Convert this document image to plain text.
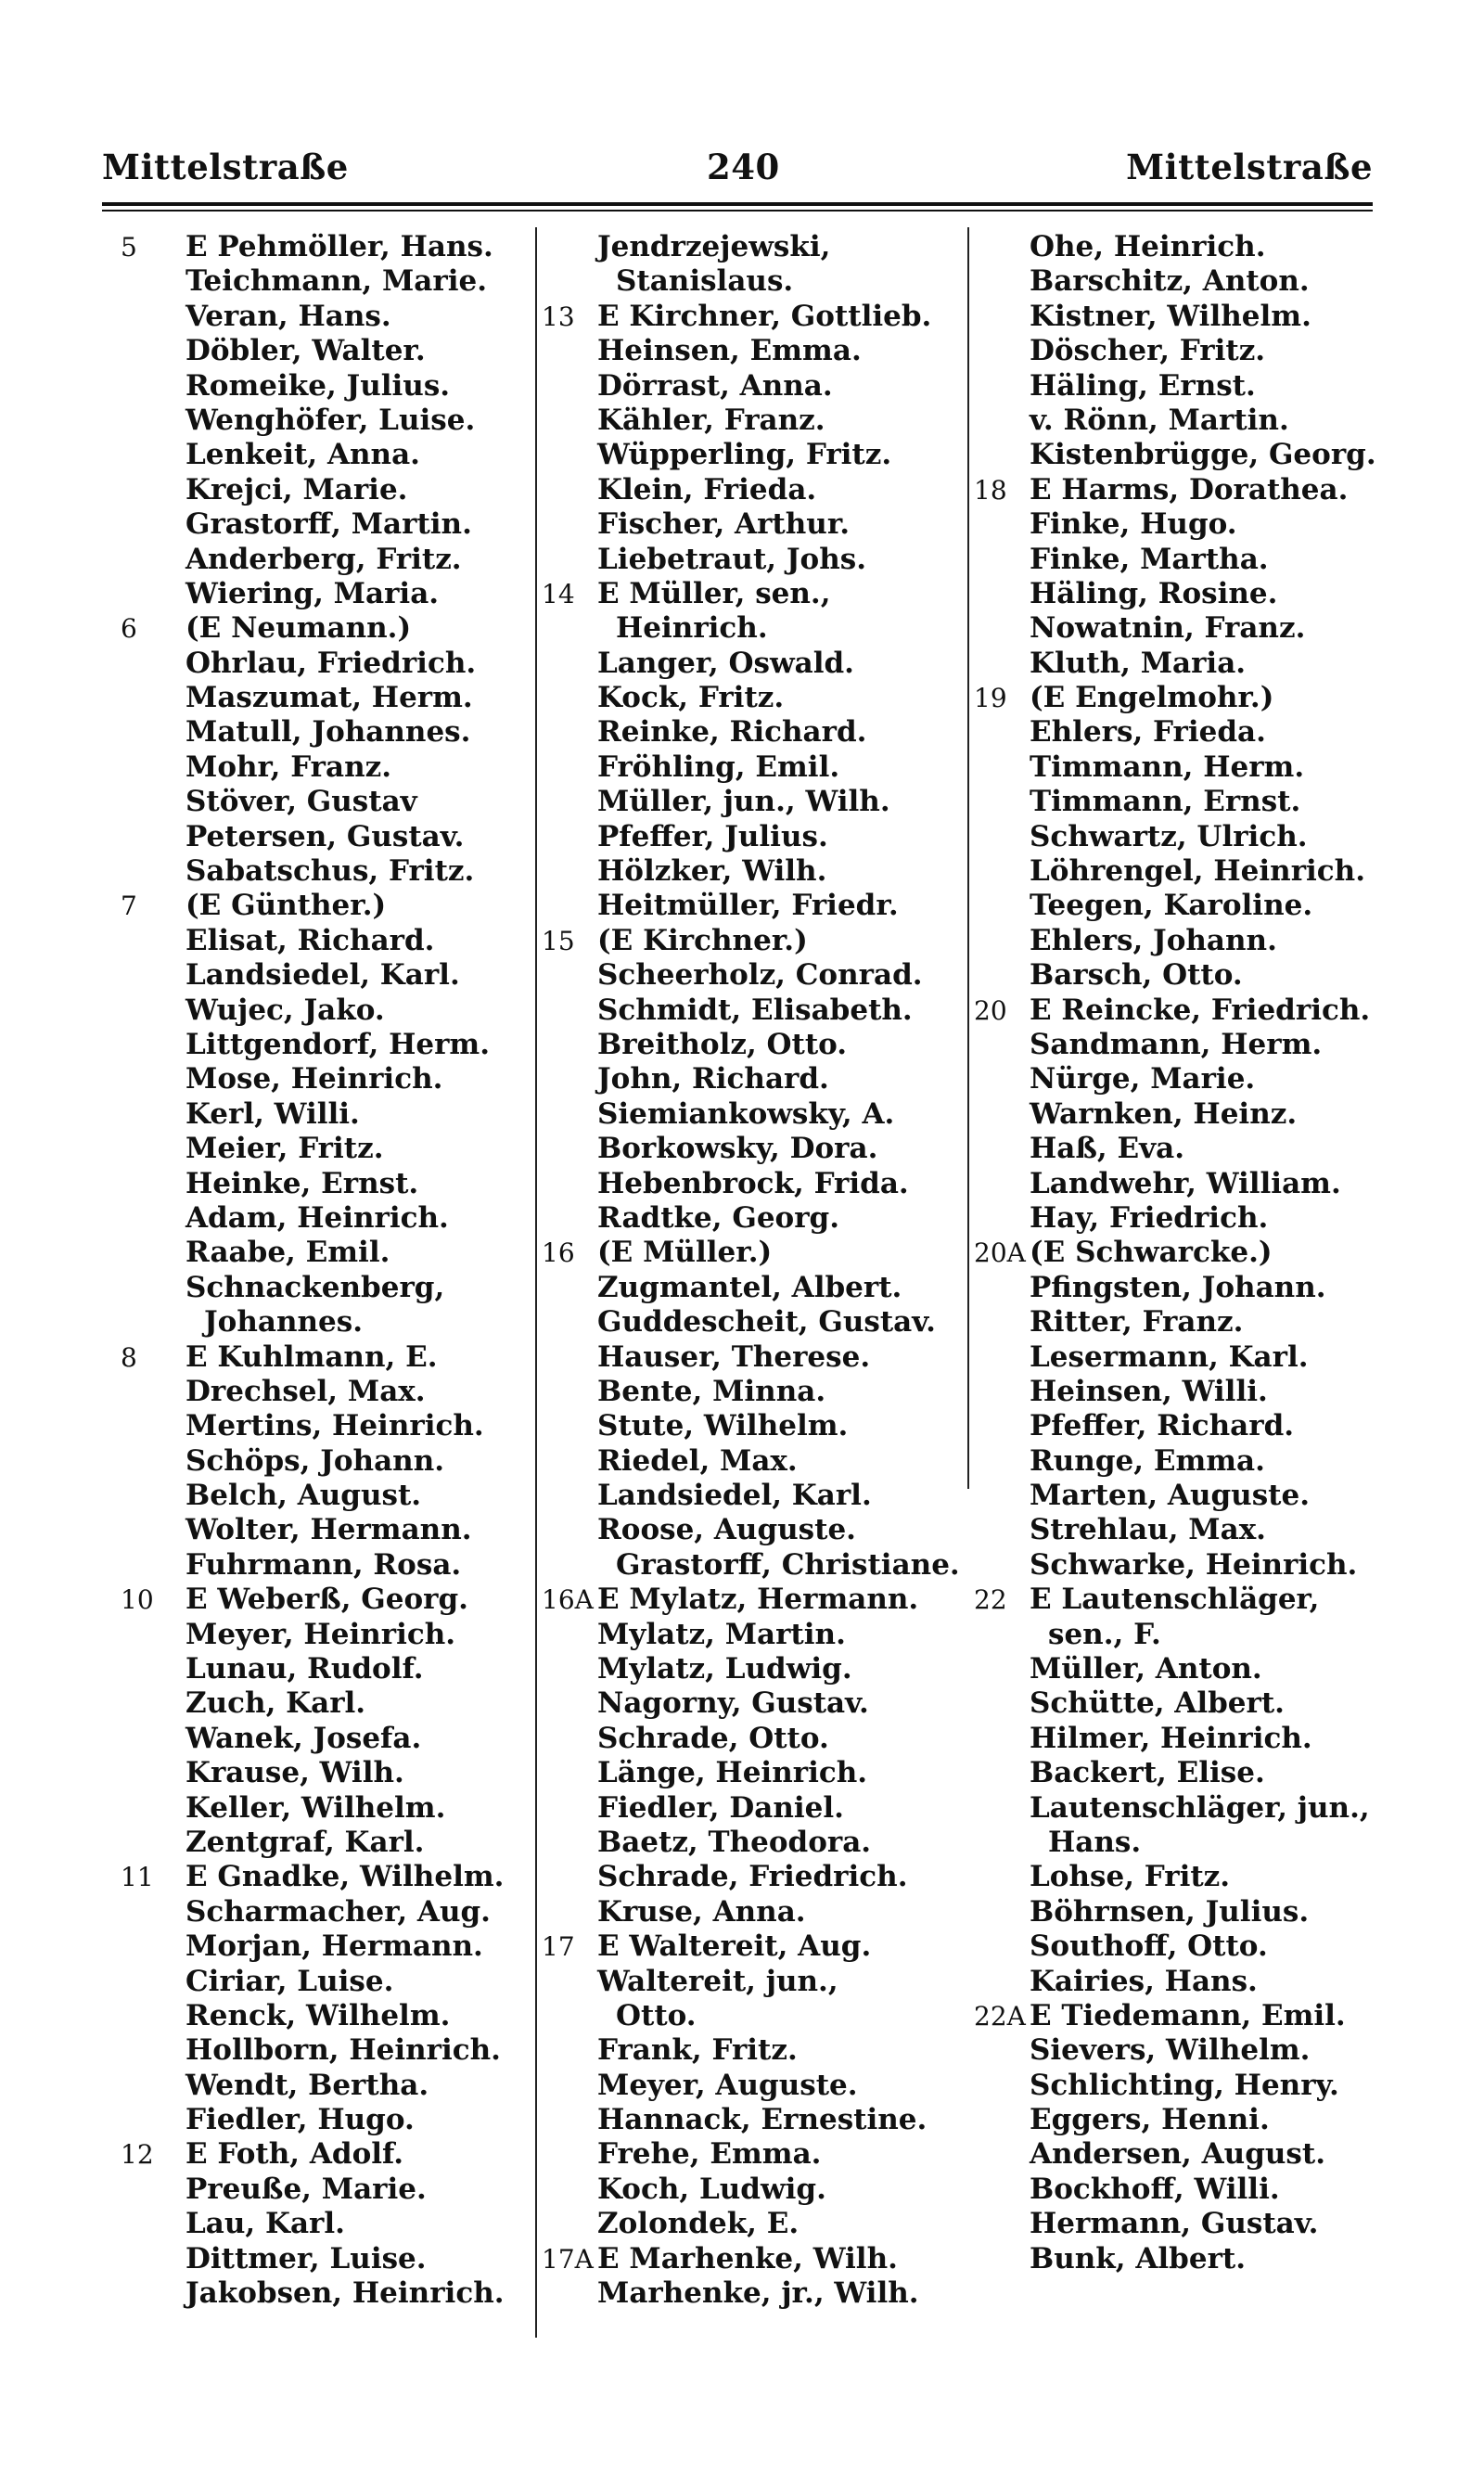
Mittelstraße	240	Mittelstraße
5	E Pehmöller, Hans.
Teichmann, Marie.
Veran, Hans.
Döbler, Walter.
Romeike, Julius.
Wenghöfer, Luise.
Lenkeit, Anna.
Krejci, Marie.
Grastorff, Martin.
Anderberg, Fritz.
Wiering, Maria.
6	(E Neumann.)
Ohrlau, Friedrich.
Maszumat, Herm.
Matull, Johannes.
Mohr, Franz.
Stöver, Gustav
Petersen, Gustav.
Sabatschus, Fritz.
7	(E Günther.)
Elisat, Richard.
Landsiedel, Karl.
Wujec, Jako.
Littgendorf, Herm.
Mose, Heinrich.
Kerl, Willi.
Meier, Fritz.
Heinke, Ernst.
Adam, Heinrich.
Raabe, Emil.
Schnackenberg,
Johannes.
8	E Kuhlmann, E.
Drechsel, Max.
Mertins, Heinrich.
Schöps, Johann.
Belch, August.
Wolter, Hermann.
Fuhrmann, Rosa.
10	E Weberß, Georg.
Meyer, Heinrich.
Lunau, Rudolf.
Zuch, Karl.
Wanek, Josefa.
Krause, Wilh.
Keller, Wilhelm.
Zentgraf, Karl.
11	E Gnadke, Wilhelm.
Scharmacher, Aug.
Morjan, Hermann.
Ciriar, Luise.
Renck, Wilhelm.
Hollborn, Heinrich.
Wendt, Bertha.
Fiedler, Hugo.
12	E Foth, Adolf.
Preuße, Marie.
Lau, Karl.
Dittmer, Luise.
Jakobsen, Heinrich.
Jendrzejewski,
Stanislaus.
13 E Kirchner, Gottlieb.
Heinsen, Emma.
Dörrast, Anna.
Kähler, Franz.
Wüpperling, Fritz.
Klein, Frieda.
Fischer, Arthur.
Liebetraut, Johs.
14 E Müller, sen.,
Heinrich.
Langer, Oswald.
Kock, Fritz.
Reinke, Richard.
Fröhling, Emil.
Müller, jun., Wilh.
Pfeffer, Julius.
Hölzker, Wilh.
Heitmüller, Friedr.
15 (E Kirchner.)
Scheerholz, Conrad.
Schmidt, Elisabeth.
Breitholz, Otto.
John, Richard.
Siemiankowsky, A.
Borkowsky, Dora.
Hebenbrock, Frida.
Radtke, Georg.
16 (E Müller.)
Zugmantel, Albert.
Guddescheit, Gustav.
Hauser, Therese.
Bente, Minna.
Stute, Wilhelm.
Riedel, Max.
Landsiedel, Karl.
Roose, Auguste.
Grastorff, Christiane.
16A E Mylatz, Hermann.
Mylatz, Martin.
Mylatz, Ludwig.
Nagorny, Gustav.
Schrade, Otto.
Länge, Heinrich.
Fiedler, Daniel.
Baetz, Theodora.
Schrade, Friedrich.
Kruse, Anna.
17 E Waltereit, Aug.
Waltereit, jun.,
Otto.
Frank, Fritz.
Meyer, Auguste.
Hannack, Ernestine.
Frehe, Emma.
Koch, Ludwig.
Zolondek, E.
17A E Marhenke, Wilh.
Marhenke, jr., Wilh.
Ohe, Heinrich.
Barschitz, Anton.
Kistner, Wilhelm.
Döscher, Fritz.
Häling, Ernst.
v. Rönn, Martin.
Kistenbrügge, Georg.
18 E Harms, Dorathea.
Finke, Hugo.
Finke, Martha.
Häling, Rosine.
Nowatnin, Franz.
Kluth, Maria.
19 (E Engelmohr.)
Ehlers, Frieda.
Timmann, Herm.
Timmann, Ernst.
Schwartz, Ulrich.
Löhrengel, Heinrich.
Teegen, Karoline.
Ehlers, Johann.
Barsch, Otto.
20 E Reincke, Friedrich.
Sandmann, Herm.
Nürge, Marie.
Warnken, Heinz.
Haß, Eva.
Landwehr, William.
Hay, Friedrich.
20A (E Schwarcke.)
Pfingsten, Johann.
Ritter, Franz.
Lesermann, Karl.
Heinsen, Willi.
Pfeffer, Richard.
Runge, Emma.
Marten, Auguste.
Strehlau, Max.
Schwarke, Heinrich.
22 E Lautenschläger,
sen., F.
Müller, Anton.
Schütte, Albert.
Hilmer, Heinrich.
Backert, Elise.
Lautenschläger, jun.,
Hans.
Lohse, Fritz.
Böhrnsen, Julius.
Southoff, Otto.
Kairies, Hans.
22A E Tiedemann, Emil.
Sievers, Wilhelm.
Schlichting, Henry.
Eggers, Henni.
Andersen, August.
Bockhoff, Willi.
Hermann, Gustav.
Bunk, Albert.
